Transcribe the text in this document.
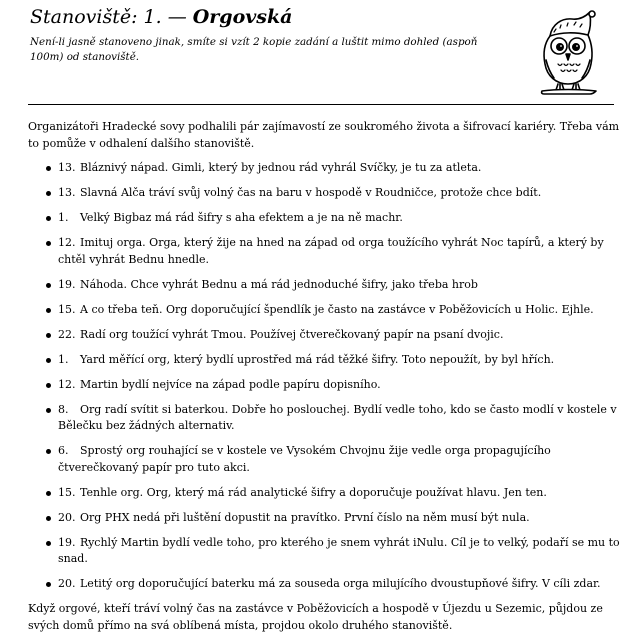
Stanoviště: 1. — Orgovská
Není-li jasně stanoveno jinak, smíte si vzít 2 kopie zadání a luštit mimo dohled (aspoň 100m) od stanoviště.

Organizátoři Hradecké sovy podhalili pár zajímavostí ze soukromého života a šifrovací kariéry. Třeba vám to pomůže v odhalení dalšího stanoviště.

13. Bláznivý nápad. Gimli, který by jednou rád vyhrál Svíčky, je tu za atleta.
13. Slavná Alča tráví svůj volný čas na baru v hospodě v Roudničce, protože chce bdít.
1. Velký Bigbaz má rád šifry s aha efektem a je na ně machr.
12. Imituj orga. Orga, který žije na hned na západ od orga toužícího vyhrát Noc tapírů, a který by chtěl vyhrát Bednu hnedle.
19. Náhoda. Chce vyhrát Bednu a má rád jednoduché šifry, jako třeba hrob
15. A co třeba teň. Org doporučující špendlík je často na zastávce v Poběžovicích u Holic. Ejhle.
22. Radí org toužící vyhrát Tmou. Používej čtverečkovaný papír na psaní dvojic.
1. Yard měřící org, který bydlí uprostřed má rád těžké šifry. Toto nepoužít, by byl hřích.
12. Martin bydlí nejvíce na západ podle papíru dopisního.
8. Org radí svítit si baterkou. Dobře ho poslouchej. Bydlí vedle toho, kdo se často modlí v kostele v Bělečku bez žádných alternativ.
6. Sprostý org rouhající se v kostele ve Vysokém Chvojnu žije vedle orga propagujícího čtverečkovaný papír pro tuto akci.
15. Tenhle org. Org, který má rád analytické šifry a doporučuje používat hlavu. Jen ten.
20. Org PHX nedá při luštění dopustit na pravítko. První číslo na něm musí být nula.
19. Rychlý Martin bydlí vedle toho, pro kterého je snem vyhrát iNulu. Cíl je to velký, podaří se mu to snad.
20. Letitý org doporučující baterku má za souseda orga milujícího dvoustupňové šifry. V cíli zdar.

Když orgové, kteří tráví volný čas na zastávce v Poběžovicích a hospodě v Újezdu u Sezemic, půjdou ze svých domů přímo na svá oblíbená místa, projdou okolo druhého stanoviště.
